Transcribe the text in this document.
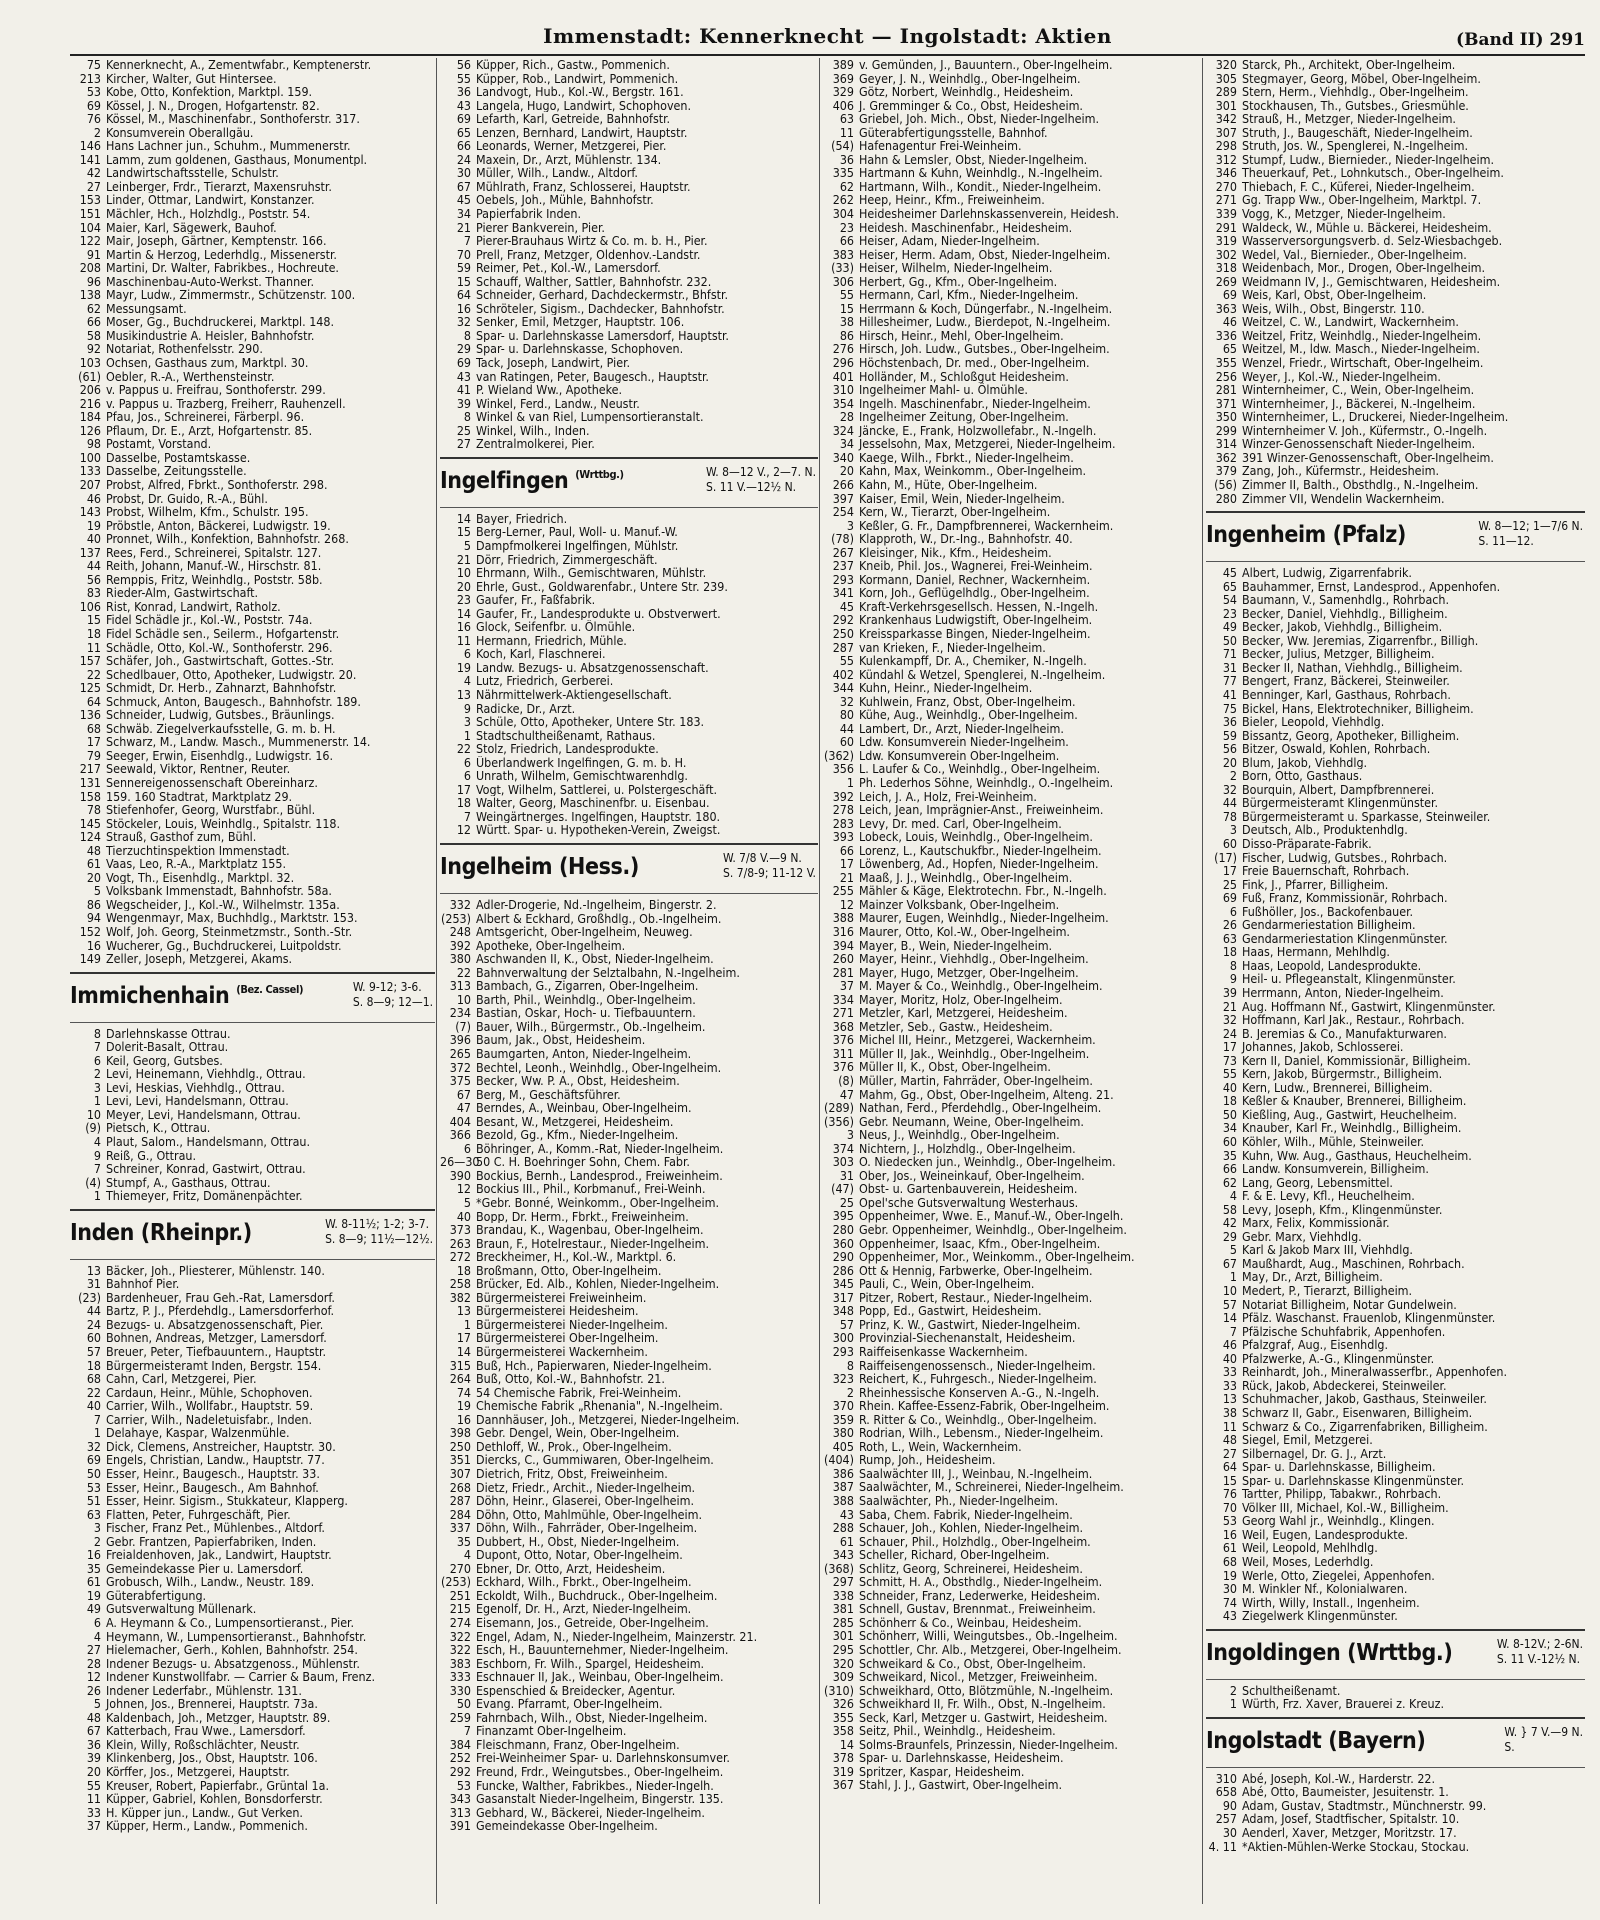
Immenstadt: Kennerknecht — Ingolstadt: Aktien	(Band II) 291
75 Kennerknecht, A., Zementwfabr., Kemptenerstr.
213 Kircher, Walter, Gut Hintersee.
53 Kobe, Otto, Konfektion, Marktpl. 159.
69 Kössel, J. N., Drogen, Hofgartenstr. 82.
76 Kössel, M., Maschinenfabr., Sonthoferstr. 317.
2 Konsumverein Oberallgäu.
146 Hans Lachner jun., Schuhm., Mummenerstr.
141 Lamm, zum goldenen, Gasthaus, Monumentpl.
42 Landwirtschaftsstelle, Schulstr.
27 Leinberger, Frdr., Tierarzt, Maxensruhstr.
153 Linder, Ottmar, Landwirt, Konstanzer.
151 Mächler, Hch., Holzhdlg., Poststr. 54.
104 Maier, Karl, Sägewerk, Bauhof.
122 Mair, Joseph, Gärtner, Kemptenstr. 166.
91 Martin & Herzog, Lederhdlg., Missenerstr.
208 Martini, Dr. Walter, Fabrikbes., Hochreute.
96 Maschinenbau-Auto-Werkst. Thanner.
138 Mayr, Ludw., Zimmermstr., Schützenstr. 100.
62 Messungsamt.
66 Moser, Gg., Buchdruckerei, Marktpl. 148.
58 Musikindustrie A. Heisler, Bahnhofstr.
92 Notariat, Rothenfelsstr. 290.
103 Ochsen, Gasthaus zum, Marktpl. 30.
(61) Oebler, R.-A., Werthensteinstr.
206 v. Pappus u. Freifrau, Sonthoferstr. 299.
216 v. Pappus u. Trazberg, Freiherr, Rauhenzell.
184 Pfau, Jos., Schreinerei, Färberpl. 96.
126 Pflaum, Dr. E., Arzt, Hofgartenstr. 85.
98 Postamt, Vorstand.
100 Dasselbe, Postamtskasse.
133 Dasselbe, Zeitungsstelle.
207 Probst, Alfred, Fbrkt., Sonthoferstr. 298.
46 Probst, Dr. Guido, R.-A., Bühl.
143 Probst, Wilhelm, Kfm., Schulstr. 195.
19 Pröbstle, Anton, Bäckerei, Ludwigstr. 19.
40 Pronnet, Wilh., Konfektion, Bahnhofstr. 268.
137 Rees, Ferd., Schreinerei, Spitalstr. 127.
44 Reith, Johann, Manuf.-W., Hirschstr. 81.
56 Remppis, Fritz, Weinhdlg., Poststr. 58b.
83 Rieder-Alm, Gastwirtschaft.
106 Rist, Konrad, Landwirt, Ratholz.
15 Fidel Schädle jr., Kol.-W., Poststr. 74a.
18 Fidel Schädle sen., Seilerm., Hofgartenstr.
11 Schädle, Otto, Kol.-W., Sonthoferstr. 296.
157 Schäfer, Joh., Gastwirtschaft, Gottes.-Str.
22 Schedlbauer, Otto, Apotheker, Ludwigstr. 20.
125 Schmidt, Dr. Herb., Zahnarzt, Bahnhofstr.
64 Schmuck, Anton, Baugesch., Bahnhofstr. 189.
136 Schneider, Ludwig, Gutsbes., Bräunlings.
68 Schwäb. Ziegelverkaufsstelle, G. m. b. H.
17 Schwarz, M., Landw. Masch., Mummenerstr. 14.
79 Seeger, Erwin, Eisenhdlg., Ludwigstr. 16.
217 Seewald, Viktor, Rentner, Reuter.
131 Sennereigenossenschaft Obereinharz.
158 159. 160 Stadtrat, Marktplatz 29.
78 Stiefenhofer, Georg, Wurstfabr., Bühl.
145 Stöckeler, Louis, Weinhdlg., Spitalstr. 118.
124 Strauß, Gasthof zum, Bühl.
48 Tierzuchtinspektion Immenstadt.
61 Vaas, Leo, R.-A., Marktplatz 155.
20 Vogt, Th., Eisenhdlg., Marktpl. 32.
5 Volksbank Immenstadt, Bahnhofstr. 58a.
86 Wegscheider, J., Kol.-W., Wilhelmstr. 135a.
94 Wengenmayr, Max, Buchhdlg., Marktstr. 153.
152 Wolf, Joh. Georg, Steinmetzmstr., Sonth.-Str.
16 Wucherer, Gg., Buchdruckerei, Luitpoldstr.
149 Zeller, Joseph, Metzgerei, Akams.
Immichenhain $^{(Bez. Cassel)}$	W. 9-12; 3-6.
S. 8—9; 12—1.
8 Darlehnskasse Ottrau.
7 Dolerit-Basalt, Ottrau.
6 Keil, Georg, Gutsbes.
2 Levi, Heinemann, Viehhdlg., Ottrau.
3 Levi, Heskias, Viehhdlg., Ottrau.
1 Levi, Levi, Handelsmann, Ottrau.
10 Meyer, Levi, Handelsmann, Ottrau.
(9) Pietsch, K., Ottrau.
4 Plaut, Salom., Handelsmann, Ottrau.
9 Reiß, G., Ottrau.
7 Schreiner, Konrad, Gastwirt, Ottrau.
(4) Stumpf, A., Gasthaus, Ottrau.
1 Thiemeyer, Fritz, Domänenpächter.
Inden (Rheinpr.)	W. 8-11½; 1-2; 3-7.
S. 8—9; 11½—12½.
13 Bäcker, Joh., Pliesterer, Mühlenstr. 140.
31 Bahnhof Pier.
(23) Bardenheuer, Frau Geh.-Rat, Lamersdorf.
44 Bartz, P. J., Pferdehdlg., Lamersdorferhof.
24 Bezugs- u. Absatzgenossenschaft, Pier.
60 Bohnen, Andreas, Metzger, Lamersdorf.
57 Breuer, Peter, Tiefbauuntern., Hauptstr.
18 Bürgermeisteramt Inden, Bergstr. 154.
68 Cahn, Carl, Metzgerei, Pier.
22 Cardaun, Heinr., Mühle, Schophoven.
40 Carrier, Wilh., Wollfabr., Hauptstr. 59.
7 Carrier, Wilh., Nadeletuisfabr., Inden.
1 Delahaye, Kaspar, Walzenmühle.
32 Dick, Clemens, Anstreicher, Hauptstr. 30.
69 Engels, Christian, Landw., Hauptstr. 77.
50 Esser, Heinr., Baugesch., Hauptstr. 33.
53 Esser, Heinr., Baugesch., Am Bahnhof.
51 Esser, Heinr. Sigism., Stukkateur, Klapperg.
63 Flatten, Peter, Fuhrgeschäft, Pier.
3 Fischer, Franz Pet., Mühlenbes., Altdorf.
2 Gebr. Frantzen, Papierfabriken, Inden.
16 Freialdenhoven, Jak., Landwirt, Hauptstr.
35 Gemeindekasse Pier u. Lamersdorf.
61 Grobusch, Wilh., Landw., Neustr. 189.
19 Güterabfertigung.
49 Gutsverwaltung Müllenark.
6 A. Heymann & Co., Lumpensortieranst., Pier.
4 Heymann, W., Lumpensortieranst., Bahnhofstr.
27 Hielemacher, Gerh., Kohlen, Bahnhofstr. 254.
28 Indener Bezugs- u. Absatzgenoss., Mühlenstr.
12 Indener Kunstwollfabr. — Carrier & Baum, Frenz.
26 Indener Lederfabr., Mühlenstr. 131.
5 Johnen, Jos., Brennerei, Hauptstr. 73a.
48 Kaldenbach, Joh., Metzger, Hauptstr. 89.
67 Katterbach, Frau Wwe., Lamersdorf.
36 Klein, Willy, Roßschlächter, Neustr.
39 Klinkenberg, Jos., Obst, Hauptstr. 106.
20 Körffer, Jos., Metzgerei, Hauptstr.
55 Kreuser, Robert, Papierfabr., Grüntal 1a.
11 Küpper, Gabriel, Kohlen, Bonsdorferstr.
33 H. Küpper jun., Landw., Gut Verken.
37 Küpper, Herm., Landw., Pommenich.
56 Küpper, Rich., Gastw., Pommenich.
55 Küpper, Rob., Landwirt, Pommenich.
36 Landvogt, Hub., Kol.-W., Bergstr. 161.
43 Langela, Hugo, Landwirt, Schophoven.
69 Lefarth, Karl, Getreide, Bahnhofstr.
65 Lenzen, Bernhard, Landwirt, Hauptstr.
66 Leonards, Werner, Metzgerei, Pier.
24 Maxein, Dr., Arzt, Mühlenstr. 134.
30 Müller, Wilh., Landw., Altdorf.
67 Mühlrath, Franz, Schlosserei, Hauptstr.
45 Oebels, Joh., Mühle, Bahnhofstr.
34 Papierfabrik Inden.
21 Pierer Bankverein, Pier.
7 Pierer-Brauhaus Wirtz & Co. m. b. H., Pier.
70 Prell, Franz, Metzger, Oldenhov.-Landstr.
59 Reimer, Pet., Kol.-W., Lamersdorf.
15 Schauff, Walther, Sattler, Bahnhofstr. 232.
64 Schneider, Gerhard, Dachdeckermstr., Bhfstr.
16 Schröteler, Sigism., Dachdecker, Bahnhofstr.
32 Senker, Emil, Metzger, Hauptstr. 106.
8 Spar- u. Darlehnskasse Lamersdorf, Hauptstr.
29 Spar- u. Darlehnskasse, Schophoven.
69 Tack, Joseph, Landwirt, Pier.
43 van Ratingen, Peter, Baugesch., Hauptstr.
41 P. Wieland Ww., Apotheke.
39 Winkel, Ferd., Landw., Neustr.
8 Winkel & van Riel, Lumpensortieranstalt.
25 Winkel, Wilh., Inden.
27 Zentralmolkerei, Pier.
Ingelfingen $^{(Wrttbg.)}$	W. 8—12 V., 2—7. N.
S. 11 V.—12½ N.
14 Bayer, Friedrich.
15 Berg-Lerner, Paul, Woll- u. Manuf.-W.
5 Dampfmolkerei Ingelfingen, Mühlstr.
21 Dörr, Friedrich, Zimmergeschäft.
10 Ehrmann, Wilh., Gemischtwaren, Mühlstr.
20 Ehrle, Gust., Goldwarenfabr., Untere Str. 239.
23 Gaufer, Fr., Faßfabrik.
14 Gaufer, Fr., Landesprodukte u. Obstverwert.
16 Glock, Seifenfbr. u. Ölmühle.
11 Hermann, Friedrich, Mühle.
6 Koch, Karl, Flaschnerei.
19 Landw. Bezugs- u. Absatzgenossenschaft.
4 Lutz, Friedrich, Gerberei.
13 Nährmittelwerk-Aktiengesellschaft.
9 Radicke, Dr., Arzt.
3 Schüle, Otto, Apotheker, Untere Str. 183.
1 Stadtschultheißenamt, Rathaus.
22 Stolz, Friedrich, Landesprodukte.
6 Überlandwerk Ingelfingen, G. m. b. H.
6 Unrath, Wilhelm, Gemischtwarenhdlg.
17 Vogt, Wilhelm, Sattlerei, u. Polstergeschäft.
18 Walter, Georg, Maschinenfbr. u. Eisenbau.
7 Weingärtnerges. Ingelfingen, Hauptstr. 180.
12 Württ. Spar- u. Hypotheken-Verein, Zweigst.
Ingelheim (Hess.)	W. 7/8 V.—9 N.
S. 7/8-9; 11-12 V.
332 Adler-Drogerie, Nd.-Ingelheim, Bingerstr. 2.
(253) Albert & Eckhard, Großhdlg., Ob.-Ingelheim.
248 Amtsgericht, Ober-Ingelheim, Neuweg.
392 Apotheke, Ober-Ingelheim.
380 Aschwanden II, K., Obst, Nieder-Ingelheim.
22 Bahnverwaltung der Selztalbahn, N.-Ingelheim.
313 Bambach, G., Zigarren, Ober-Ingelheim.
10 Barth, Phil., Weinhdlg., Ober-Ingelheim.
234 Bastian, Oskar, Hoch- u. Tiefbauuntern.
(7) Bauer, Wilh., Bürgermstr., Ob.-Ingelheim.
396 Baum, Jak., Obst, Heidesheim.
265 Baumgarten, Anton, Nieder-Ingelheim.
372 Bechtel, Leonh., Weinhdlg., Ober-Ingelheim.
375 Becker, Ww. P. A., Obst, Heidesheim.
67 Berg, M., Geschäftsführer.
47 Berndes, A., Weinbau, Ober-Ingelheim.
404 Besant, W., Metzgerei, Heidesheim.
366 Bezold, Gg., Kfm., Nieder-Ingelheim.
6 Böhringer, A., Komm.-Rat, Nieder-Ingelheim.
26—3050 C. H. Boehringer Sohn, Chem. Fabr.
390 Bockius, Bernh., Landesprod., Freiweinheim.
12 Bockius III., Phil., Korbmanuf., Frei-Weinh.
5 *Gebr. Bonné, Weinkomm., Ober-Ingelheim.
40 Bopp, Dr. Herm., Fbrkt., Freiweinheim.
373 Brandau, K., Wagenbau, Ober-Ingelheim.
263 Braun, F., Hotelrestaur., Nieder-Ingelheim.
272 Breckheimer, H., Kol.-W., Marktpl. 6.
18 Broßmann, Otto, Ober-Ingelheim.
258 Brücker, Ed. Alb., Kohlen, Nieder-Ingelheim.
382 Bürgermeisterei Freiweinheim.
13 Bürgermeisterei Heidesheim.
1 Bürgermeisterei Nieder-Ingelheim.
17 Bürgermeisterei Ober-Ingelheim.
14 Bürgermeisterei Wackernheim.
315 Buß, Hch., Papierwaren, Nieder-Ingelheim.
264 Buß, Otto, Kol.-W., Bahnhofstr. 21.
74 54 Chemische Fabrik, Frei-Weinheim.
19 Chemische Fabrik „Rhenania", N.-Ingelheim.
16 Dannhäuser, Joh., Metzgerei, Nieder-Ingelheim.
398 Gebr. Dengel, Wein, Ober-Ingelheim.
250 Dethloff, W., Prok., Ober-Ingelheim.
351 Diercks, C., Gummiwaren, Ober-Ingelheim.
307 Dietrich, Fritz, Obst, Freiweinheim.
268 Dietz, Friedr., Archit., Nieder-Ingelheim.
287 Döhn, Heinr., Glaserei, Ober-Ingelheim.
284 Döhn, Otto, Mahlmühle, Ober-Ingelheim.
337 Döhn, Wilh., Fahrräder, Ober-Ingelheim.
35 Dubbert, H., Obst, Nieder-Ingelheim.
4 Dupont, Otto, Notar, Ober-Ingelheim.
270 Ebner, Dr. Otto, Arzt, Heidesheim.
(253) Eckhard, Wilh., Fbrkt., Ober-Ingelheim.
251 Eckoldt, Wilh., Buchdruck., Ober-Ingelheim.
215 Egenolf, Dr. H., Arzt, Nieder-Ingelheim.
274 Eisemann, Jos., Getreide, Ober-Ingelheim.
322 Engel, Adam, N., Nieder-Ingelheim, Mainzerstr. 21.
322 Esch, H., Bauunternehmer, Nieder-Ingelheim.
383 Eschborn, Fr. Wilh., Spargel, Heidesheim.
333 Eschnauer II, Jak., Weinbau, Ober-Ingelheim.
330 Espenschied & Breidecker, Agentur.
50 Evang. Pfarramt, Ober-Ingelheim.
259 Fahrnbach, Wilh., Obst, Nieder-Ingelheim.
7 Finanzamt Ober-Ingelheim.
384 Fleischmann, Franz, Ober-Ingelheim.
252 Frei-Weinheimer Spar- u. Darlehnskonsumver.
292 Freund, Frdr., Weingutsbes., Ober-Ingelheim.
53 Funcke, Walther, Fabrikbes., Nieder-Ingelh.
343 Gasanstalt Nieder-Ingelheim, Bingerstr. 135.
313 Gebhard, W., Bäckerei, Nieder-Ingelheim.
391 Gemeindekasse Ober-Ingelheim.
389 v. Gemünden, J., Bauuntern., Ober-Ingelheim.
369 Geyer, J. N., Weinhdlg., Ober-Ingelheim.
329 Götz, Norbert, Weinhdlg., Heidesheim.
406 J. Gremminger & Co., Obst, Heidesheim.
63 Griebel, Joh. Mich., Obst, Nieder-Ingelheim.
11 Güterabfertigungsstelle, Bahnhof.
(54) Hafenagentur Frei-Weinheim.
36 Hahn & Lemsler, Obst, Nieder-Ingelheim.
335 Hartmann & Kuhn, Weinhdlg., N.-Ingelheim.
62 Hartmann, Wilh., Kondit., Nieder-Ingelheim.
262 Heep, Heinr., Kfm., Freiweinheim.
304 Heidesheimer Darlehnskassenverein, Heidesh.
23 Heidesh. Maschinenfabr., Heidesheim.
66 Heiser, Adam, Nieder-Ingelheim.
383 Heiser, Herm. Adam, Obst, Nieder-Ingelheim.
(33) Heiser, Wilhelm, Nieder-Ingelheim.
306 Herbert, Gg., Kfm., Ober-Ingelheim.
55 Hermann, Carl, Kfm., Nieder-Ingelheim.
15 Herrmann & Koch, Düngerfabr., N.-Ingelheim.
38 Hillesheimer, Ludw., Bierdepot, N.-Ingelheim.
86 Hirsch, Heinr., Mehl, Ober-Ingelheim.
276 Hirsch, Joh. Ludw., Gutsbes., Ober-Ingelheim.
296 Höchstenbach, Dr. med., Ober-Ingelheim.
401 Holländer, M., Schloßgut Heidesheim.
310 Ingelheimer Mahl- u. Ölmühle.
354 Ingelh. Maschinenfabr., Nieder-Ingelheim.
28 Ingelheimer Zeitung, Ober-Ingelheim.
324 Jäncke, E., Frank, Holzwollefabr., N.-Ingelh.
34 Jesselsohn, Max, Metzgerei, Nieder-Ingelheim.
340 Kaege, Wilh., Fbrkt., Nieder-Ingelheim.
20 Kahn, Max, Weinkomm., Ober-Ingelheim.
266 Kahn, M., Hüte, Ober-Ingelheim.
397 Kaiser, Emil, Wein, Nieder-Ingelheim.
254 Kern, W., Tierarzt, Ober-Ingelheim.
3 Keßler, G. Fr., Dampfbrennerei, Wackernheim.
(78) Klapproth, W., Dr.-Ing., Bahnhofstr. 40.
267 Kleisinger, Nik., Kfm., Heidesheim.
237 Kneib, Phil. Jos., Wagnerei, Frei-Weinheim.
293 Kormann, Daniel, Rechner, Wackernheim.
341 Korn, Joh., Geflügelhdlg., Ober-Ingelheim.
45 Kraft-Verkehrsgesellsch. Hessen, N.-Ingelh.
292 Krankenhaus Ludwigstift, Ober-Ingelheim.
250 Kreissparkasse Bingen, Nieder-Ingelheim.
287 van Krieken, F., Nieder-Ingelheim.
55 Kulenkampff, Dr. A., Chemiker, N.-Ingelh.
402 Kündahl & Wetzel, Spenglerei, N.-Ingelheim.
344 Kuhn, Heinr., Nieder-Ingelheim.
32 Kuhlwein, Franz, Obst, Ober-Ingelheim.
80 Kühe, Aug., Weinhdlg., Ober-Ingelheim.
44 Lambert, Dr., Arzt, Nieder-Ingelheim.
60 Ldw. Konsumverein Nieder-Ingelheim.
(362) Ldw. Konsumverein Ober-Ingelheim.
356 L. Laufer & Co., Weinhdlg., Ober-Ingelheim.
1 Ph. Lederhos Söhne, Weinhdlg., O.-Ingelheim.
392 Leich, J. A., Holz, Frei-Weinheim.
278 Leich, Jean, Imprägnier-Anst., Freiweinheim.
283 Levy, Dr. med. Carl, Ober-Ingelheim.
393 Lobeck, Louis, Weinhdlg., Ober-Ingelheim.
66 Lorenz, L., Kautschukfbr., Nieder-Ingelheim.
17 Löwenberg, Ad., Hopfen, Nieder-Ingelheim.
21 Maaß, J. J., Weinhdlg., Ober-Ingelheim.
255 Mähler & Käge, Elektrotechn. Fbr., N.-Ingelh.
12 Mainzer Volksbank, Ober-Ingelheim.
388 Maurer, Eugen, Weinhdlg., Nieder-Ingelheim.
316 Maurer, Otto, Kol.-W., Ober-Ingelheim.
394 Mayer, B., Wein, Nieder-Ingelheim.
260 Mayer, Heinr., Viehhdlg., Ober-Ingelheim.
281 Mayer, Hugo, Metzger, Ober-Ingelheim.
37 M. Mayer & Co., Weinhdlg., Ober-Ingelheim.
334 Mayer, Moritz, Holz, Ober-Ingelheim.
271 Metzler, Karl, Metzgerei, Heidesheim.
368 Metzler, Seb., Gastw., Heidesheim.
376 Michel III, Heinr., Metzgerei, Wackernheim.
311 Müller II, Jak., Weinhdlg., Ober-Ingelheim.
376 Müller II, K., Obst, Ober-Ingelheim.
(8) Müller, Martin, Fahrräder, Ober-Ingelheim.
47 Mahm, Gg., Obst, Ober-Ingelheim, Alteng. 21.
(289) Nathan, Ferd., Pferdehdlg., Ober-Ingelheim.
(356) Gebr. Neumann, Weine, Ober-Ingelheim.
3 Neus, J., Weinhdlg., Ober-Ingelheim.
374 Nichtern, J., Holzhdlg., Ober-Ingelheim.
303 O. Niedecken jun., Weinhdlg., Ober-Ingelheim.
31 Ober, Jos., Weineinkauf, Ober-Ingelheim.
(47) Obst- u. Gartenbauverein, Heidesheim.
25 Opel'sche Gutsverwaltung Westerhaus.
395 Oppenheimer, Wwe. E., Manuf.-W., Ober-Ingelh.
280 Gebr. Oppenheimer, Weinhdlg., Ober-Ingelheim.
360 Oppenheimer, Isaac, Kfm., Ober-Ingelheim.
290 Oppenheimer, Mor., Weinkomm., Ober-Ingelheim.
286 Ott & Hennig, Farbwerke, Ober-Ingelheim.
345 Pauli, C., Wein, Ober-Ingelheim.
317 Pitzer, Robert, Restaur., Nieder-Ingelheim.
348 Popp, Ed., Gastwirt, Heidesheim.
57 Prinz, K. W., Gastwirt, Nieder-Ingelheim.
300 Provinzial-Siechenanstalt, Heidesheim.
293 Raiffeisenkasse Wackernheim.
8 Raiffeisengenossensch., Nieder-Ingelheim.
323 Reichert, K., Fuhrgesch., Nieder-Ingelheim.
2 Rheinhessische Konserven A.-G., N.-Ingelh.
370 Rhein. Kaffee-Essenz-Fabrik, Ober-Ingelheim.
359 R. Ritter & Co., Weinhdlg., Ober-Ingelheim.
380 Rodrian, Wilh., Lebensm., Nieder-Ingelheim.
405 Roth, L., Wein, Wackernheim.
(404) Rump, Joh., Heidesheim.
386 Saalwächter III, J., Weinbau, N.-Ingelheim.
387 Saalwächter, M., Schreinerei, Nieder-Ingelheim.
388 Saalwächter, Ph., Nieder-Ingelheim.
43 Saba, Chem. Fabrik, Nieder-Ingelheim.
288 Schauer, Joh., Kohlen, Nieder-Ingelheim.
61 Schauer, Phil., Holzhdlg., Ober-Ingelheim.
343 Scheller, Richard, Ober-Ingelheim.
(368) Schlitz, Georg, Schreinerei, Heidesheim.
297 Schmitt, H. A., Obsthdlg., Nieder-Ingelheim.
338 Schneider, Franz, Lederwerke, Heidesheim.
381 Schnell, Gustav, Brennmat., Freiweinheim.
285 Schönherr & Co., Weinbau, Heidesheim.
301 Schönherr, Willi, Weingutsbes., Ob.-Ingelheim.
295 Schottler, Chr. Alb., Metzgerei, Ober-Ingelheim.
320 Schweikard & Co., Obst, Ober-Ingelheim.
309 Schweikard, Nicol., Metzger, Freiweinheim.
(310) Schweikhard, Otto, Blötzmühle, N.-Ingelheim.
326 Schweikhard II, Fr. Wilh., Obst, N.-Ingelheim.
355 Seck, Karl, Metzger u. Gastwirt, Heidesheim.
358 Seitz, Phil., Weinhdlg., Heidesheim.
14 Solms-Braunfels, Prinzessin, Nieder-Ingelheim.
378 Spar- u. Darlehnskasse, Heidesheim.
319 Spritzer, Kaspar, Heidesheim.
367 Stahl, J. J., Gastwirt, Ober-Ingelheim.
320 Starck, Ph., Architekt, Ober-Ingelheim.
305 Stegmayer, Georg, Möbel, Ober-Ingelheim.
289 Stern, Herm., Viehhdlg., Ober-Ingelheim.
301 Stockhausen, Th., Gutsbes., Griesmühle.
342 Strauß, H., Metzger, Nieder-Ingelheim.
307 Struth, J., Baugeschäft, Nieder-Ingelheim.
298 Struth, Jos. W., Spenglerei, N.-Ingelheim.
312 Stumpf, Ludw., Biernieder., Nieder-Ingelheim.
346 Theuerkauf, Pet., Lohnkutsch., Ober-Ingelheim.
270 Thiebach, F. C., Küferei, Nieder-Ingelheim.
271 Gg. Trapp Ww., Ober-Ingelheim, Marktpl. 7.
339 Vogg, K., Metzger, Nieder-Ingelheim.
291 Waldeck, W., Mühle u. Bäckerei, Heidesheim.
319 Wasserversorgungsverb. d. Selz-Wiesbachgeb.
302 Wedel, Val., Biernieder., Ober-Ingelheim.
318 Weidenbach, Mor., Drogen, Ober-Ingelheim.
269 Weidmann IV, J., Gemischtwaren, Heidesheim.
69 Weis, Karl, Obst, Ober-Ingelheim.
363 Weis, Wilh., Obst, Bingerstr. 110.
46 Weitzel, C. W., Landwirt, Wackernheim.
336 Weitzel, Fritz, Weinhdlg., Nieder-Ingelheim.
65 Weitzel, M., ldw. Masch., Nieder-Ingelheim.
355 Wenzel, Friedr., Wirtschaft, Ober-Ingelheim.
256 Weyer, J., Kol.-W., Nieder-Ingelheim.
281 Winternheimer, C., Wein, Ober-Ingelheim.
371 Winternheimer, J., Bäckerei, N.-Ingelheim.
350 Winternheimer, L., Druckerei, Nieder-Ingelheim.
299 Winternheimer V. Joh., Küfermstr., O.-Ingelh.
314 Winzer-Genossenschaft Nieder-Ingelheim.
362 391 Winzer-Genossenschaft, Ober-Ingelheim.
379 Zang, Joh., Küfermstr., Heidesheim.
(56) Zimmer II, Balth., Obsthdlg., N.-Ingelheim.
280 Zimmer VII, Wendelin Wackernheim.
Ingenheim (Pfalz)	W. 8—12; 1—7/6 N.
S. 11—12.
45 Albert, Ludwig, Zigarrenfabrik.
65 Bauhammer, Ernst, Landesprod., Appenhofen.
54 Baumann, V., Samenhdlg., Rohrbach.
23 Becker, Daniel, Viehhdlg., Billigheim.
49 Becker, Jakob, Viehhdlg., Billigheim.
50 Becker, Ww. Jeremias, Zigarrenfbr., Billigh.
71 Becker, Julius, Metzger, Billigheim.
31 Becker II, Nathan, Viehhdlg., Billigheim.
77 Bengert, Franz, Bäckerei, Steinweiler.
41 Benninger, Karl, Gasthaus, Rohrbach.
75 Bickel, Hans, Elektrotechniker, Billigheim.
36 Bieler, Leopold, Viehhdlg.
59 Bissantz, Georg, Apotheker, Billigheim.
56 Bitzer, Oswald, Kohlen, Rohrbach.
20 Blum, Jakob, Viehhdlg.
2 Born, Otto, Gasthaus.
32 Bourquin, Albert, Dampfbrennerei.
44 Bürgermeisteramt Klingenmünster.
78 Bürgermeisteramt u. Sparkasse, Steinweiler.
3 Deutsch, Alb., Produktenhdlg.
60 Disso-Präparate-Fabrik.
(17) Fischer, Ludwig, Gutsbes., Rohrbach.
17 Freie Bauernschaft, Rohrbach.
25 Fink, J., Pfarrer, Billigheim.
69 Fuß, Franz, Kommissionär, Rohrbach.
6 Fußhöller, Jos., Backofenbauer.
26 Gendarmeriestation Billigheim.
63 Gendarmeriestation Klingenmünster.
18 Haas, Hermann, Mehlhdlg.
8 Haas, Leopold, Landesprodukte.
9 Heil- u. Pflegeanstalt, Klingenmünster.
39 Herrmann, Anton, Nieder-Ingelheim.
21 Aug. Hoffmann Nf., Gastwirt, Klingenmünster.
32 Hoffmann, Karl Jak., Restaur., Rohrbach.
24 B. Jeremias & Co., Manufakturwaren.
17 Johannes, Jakob, Schlosserei.
73 Kern II, Daniel, Kommissionär, Billigheim.
55 Kern, Jakob, Bürgermstr., Billigheim.
40 Kern, Ludw., Brennerei, Billigheim.
18 Keßler & Knauber, Brennerei, Billigheim.
50 Kießling, Aug., Gastwirt, Heuchelheim.
34 Knauber, Karl Fr., Weinhdlg., Billigheim.
60 Köhler, Wilh., Mühle, Steinweiler.
35 Kuhn, Ww. Aug., Gasthaus, Heuchelheim.
66 Landw. Konsumverein, Billigheim.
62 Lang, Georg, Lebensmittel.
4 F. & E. Levy, Kfl., Heuchelheim.
58 Levy, Joseph, Kfm., Klingenmünster.
42 Marx, Felix, Kommissionär.
29 Gebr. Marx, Viehhdlg.
5 Karl & Jakob Marx III, Viehhdlg.
67 Maußhardt, Aug., Maschinen, Rohrbach.
1 May, Dr., Arzt, Billigheim.
10 Medert, P., Tierarzt, Billigheim.
57 Notariat Billigheim, Notar Gundelwein.
14 Pfälz. Waschanst. Frauenlob, Klingenmünster.
7 Pfälzische Schuhfabrik, Appenhofen.
46 Pfalzgraf, Aug., Eisenhdlg.
40 Pfalzwerke, A.-G., Klingenmünster.
33 Reinhardt, Joh., Mineralwasserfbr., Appenhofen.
33 Rück, Jakob, Abdeckerei, Steinweiler.
13 Schuhmacher, Jakob, Gasthaus, Steinweiler.
38 Schwarz II, Gabr., Eisenwaren, Billigheim.
11 Schwarz & Co., Zigarrenfabriken, Billigheim.
48 Siegel, Emil, Metzgerei.
27 Silbernagel, Dr. G. J., Arzt.
64 Spar- u. Darlehnskasse, Billigheim.
15 Spar- u. Darlehnskasse Klingenmünster.
76 Tartter, Philipp, Tabakwr., Rohrbach.
70 Völker III, Michael, Kol.-W., Billigheim.
53 Georg Wahl jr., Weinhdlg., Klingen.
16 Weil, Eugen, Landesprodukte.
61 Weil, Leopold, Mehlhdlg.
68 Weil, Moses, Lederhdlg.
19 Werle, Otto, Ziegelei, Appenhofen.
30 M. Winkler Nf., Kolonialwaren.
74 Wirth, Willy, Install., Ingenheim.
43 Ziegelwerk Klingenmünster.
Ingoldingen (Wrttbg.)	W. 8-12V.; 2-6N.
S. 11 V.-12½ N.
2 Schultheißenamt.
1 Würth, Frz. Xaver, Brauerei z. Kreuz.
Ingolstadt (Bayern)	W. } 7 V.—9 N.
S.
310 Abé, Joseph, Kol.-W., Harderstr. 22.
658 Abé, Otto, Baumeister, Jesuitenstr. 1.
90 Adam, Gustav, Stadtmstr., Münchnerstr. 99.
257 Adam, Josef, Stadtfischer, Spitalstr. 10.
30 Aenderl, Xaver, Metzger, Moritzstr. 17.
4. 11 *Aktien-Mühlen-Werke Stockau, Stockau.
